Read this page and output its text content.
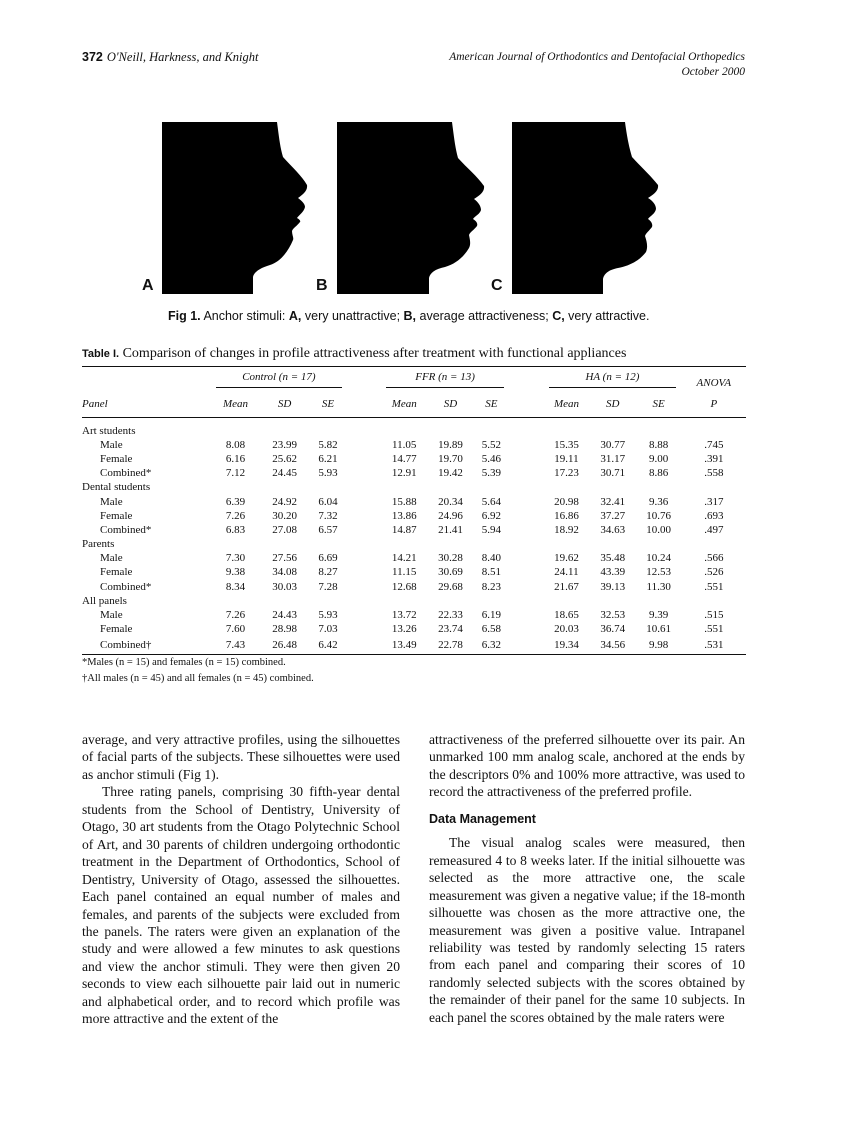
372 O'Neill, Harkness, and Knight	American Journal of Orthodontics and Dentofacial Orthopedics
October 2000
A	B	C
Fig 1. Anchor stimuli: A, very unattractive; B, average attractiveness; C, very attractive.
Table I. Comparison of changes in profile attractiveness after treatment with functional appliances
	Control (n = 17)				FFR (n = 13)				HA (n = 12)			ANOVA
Panel	Mean	SD	SE		Mean	SD	SE		Mean	SD	SE	P
Art students												
Male	8.08	23.99	5.82		11.05	19.89	5.52		15.35	30.77	8.88	.745
Female	6.16	25.62	6.21		14.77	19.70	5.46		19.11	31.17	9.00	.391
Combined*	7.12	24.45	5.93		12.91	19.42	5.39		17.23	30.71	8.86	.558
Dental students												
Male	6.39	24.92	6.04		15.88	20.34	5.64		20.98	32.41	9.36	.317
Female	7.26	30.20	7.32		13.86	24.96	6.92		16.86	37.27	10.76	.693
Combined*	6.83	27.08	6.57		14.87	21.41	5.94		18.92	34.63	10.00	.497
Parents												
Male	7.30	27.56	6.69		14.21	30.28	8.40		19.62	35.48	10.24	.566
Female	9.38	34.08	8.27		11.15	30.69	8.51		24.11	43.39	12.53	.526
Combined*	8.34	30.03	7.28		12.68	29.68	8.23		21.67	39.13	11.30	.551
All panels												
Male	7.26	24.43	5.93		13.72	22.33	6.19		18.65	32.53	9.39	.515
Female	7.60	28.98	7.03		13.26	23.74	6.58		20.03	36.74	10.61	.551
Combined†	7.43	26.48	6.42		13.49	22.78	6.32		19.34	34.56	9.98	.531
*Males (n = 15) and females (n = 15) combined.
†All males (n = 45) and all females (n = 45) combined.

average, and very attractive profiles, using the silhouettes of facial parts of the subjects. These silhouettes were used as anchor stimuli (Fig 1).

Three rating panels, comprising 30 fifth-year dental students from the School of Dentistry, University of Otago, 30 art students from the Otago Polytechnic School of Art, and 30 parents of children undergoing orthodontic treatment in the Department of Orthodontics, School of Dentistry, University of Otago, assessed the silhouettes. Each panel contained an equal number of males and females, and parents of the subjects were excluded from the panels. The raters were given an explanation of the study and were allowed a few minutes to ask questions and view the anchor stimuli. They were then given 20 seconds to view each silhouette pair laid out in numeric and alphabetical order, and to record which profile was more attractive and the extent of the

attractiveness of the preferred silhouette over its pair. An unmarked 100 mm analog scale, anchored at the ends by the descriptors 0% and 100% more attractive, was used to record the attractiveness of the preferred profile.

Data Management

The visual analog scales were measured, then remeasured 4 to 8 weeks later. If the initial silhouette was selected as the more attractive one, the scale measurement was given a negative value; if the 18-month silhouette was chosen as the more attractive one, the measurement was given a positive value. Intrapanel reliability was tested by randomly selecting 15 raters from each panel and comparing their scores of 10 randomly selected subjects with the scores obtained by the remainder of their panel for the same 10 subjects. In each panel the scores obtained by the male raters were
